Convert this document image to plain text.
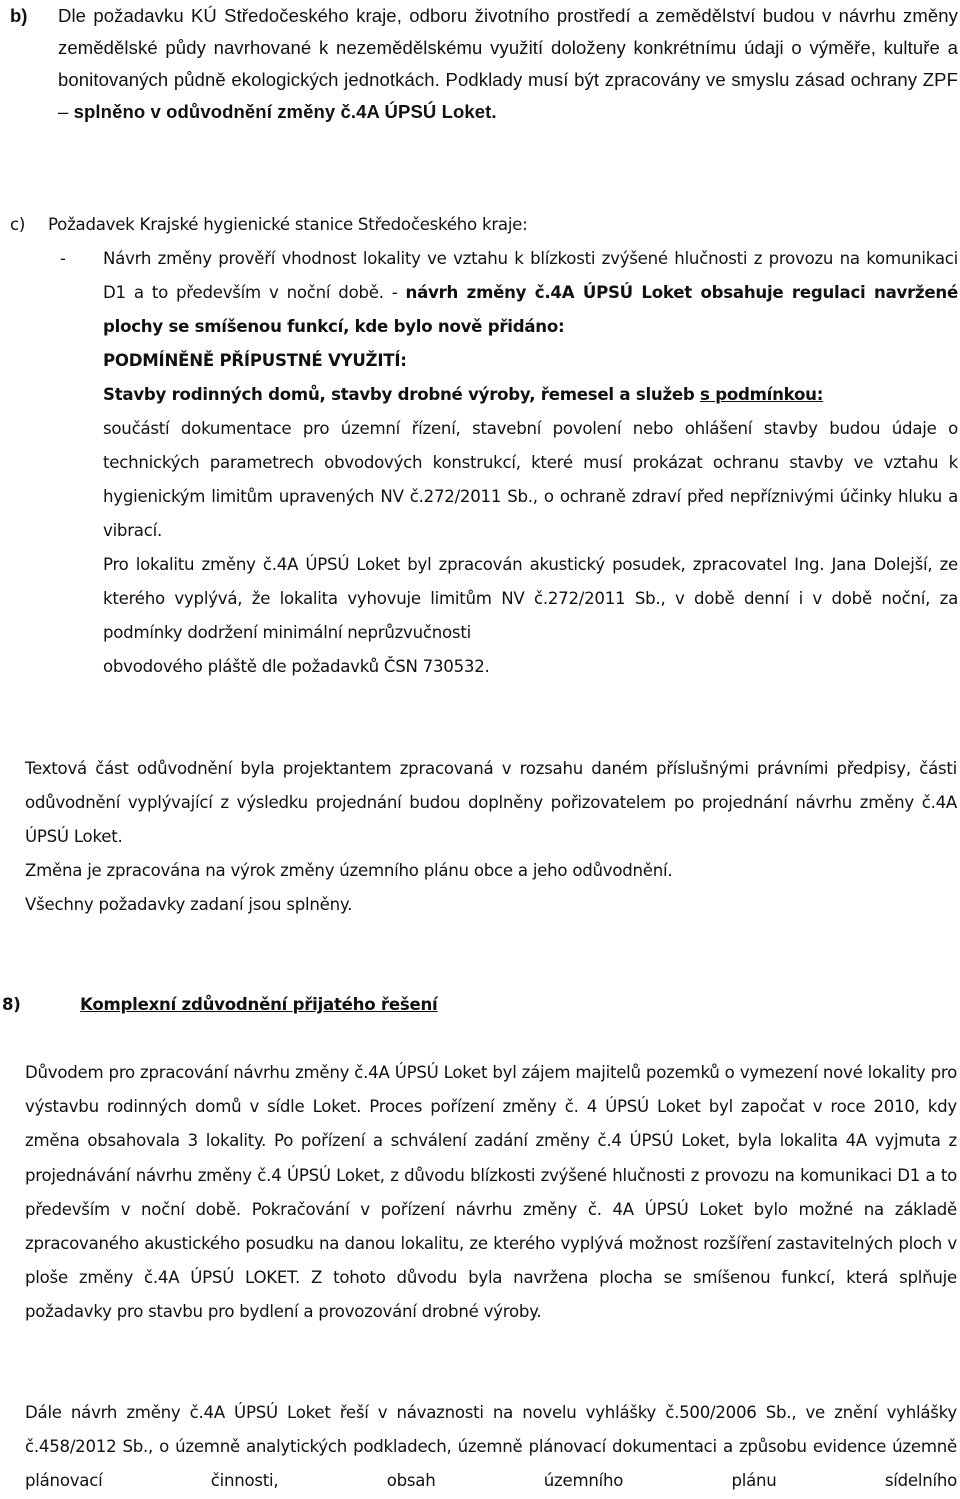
b) Dle požadavku KÚ Středočeského kraje, odboru životního prostředí a zemědělství budou v návrhu změny zemědělské půdy navrhované k nezemědělskému využití doloženy konkrétnímu údaji o výměře, kultuře a bonitovaných půdně ekologických jednotkách. Podklady musí být zpracovány ve smyslu zásad ochrany ZPF – splněno v odůvodnění změny č.4A ÚPSÚ Loket.
c) Požadavek Krajské hygienické stanice Středočeského kraje:
- Návrh změny prověří vhodnost lokality ve vztahu k blízkosti zvýšené hlučnosti z provozu na komunikaci D1 a to především v noční době. - návrh změny č.4A ÚPSÚ Loket obsahuje regulaci navržené plochy se smíšenou funkcí, kde bylo nově přidáno:

PODMÍNĚNĚ PŘÍPUSTNÉ VYUŽITÍ:

Stavby rodinných domů, stavby drobné výroby, řemesel a služeb s podmínkou:

součástí dokumentace pro územní řízení, stavební povolení nebo ohlášení stavby budou údaje o technických parametrech obvodových konstrukcí, které musí prokázat ochranu stavby ve vztahu k hygienickým limitům upravených NV č.272/2011 Sb., o ochraně zdraví před nepříznivými účinky hluku a vibrací.

Pro lokalitu změny č.4A ÚPSÚ Loket byl zpracován akustický posudek, zpracovatel Ing. Jana Dolejší, ze kterého vyplývá, že lokalita vyhovuje limitům NV č.272/2011 Sb., v době denní i v době noční, za podmínky dodržení minimální neprůzvučnosti

obvodového pláště dle požadavků ČSN 730532.

Textová část odůvodnění byla projektantem zpracovaná v rozsahu daném příslušnými právními předpisy, části odůvodnění vyplývající z výsledku projednání budou doplněny pořizovatelem po projednání návrhu změny č.4A ÚPSÚ Loket.

Změna je zpracována na výrok změny územního plánu obce a jeho odůvodnění.

Všechny požadavky zadaní jsou splněny.

8)	Komplexní zdůvodnění přijatého řešení

Důvodem pro zpracování návrhu změny č.4A ÚPSÚ Loket byl zájem majitelů pozemků o vymezení nové lokality pro výstavbu rodinných domů v sídle Loket. Proces pořízení změny č. 4 ÚPSÚ Loket byl započat v roce 2010, kdy změna obsahovala 3 lokality. Po pořízení a schválení zadání změny č.4 ÚPSÚ Loket, byla lokalita 4A vyjmuta z projednávání návrhu změny č.4 ÚPSÚ Loket, z důvodu blízkosti zvýšené hlučnosti z provozu na komunikaci D1 a to především v noční době. Pokračování v pořízení návrhu změny č. 4A ÚPSÚ Loket bylo možné na základě zpracovaného akustického posudku na danou lokalitu, ze kterého vyplývá možnost rozšíření zastavitelných ploch v ploše změny č.4A ÚPSÚ LOKET. Z tohoto důvodu byla navržena plocha se smíšenou funkcí, která splňuje požadavky pro stavbu pro bydlení a provozování drobné výroby.

Dále návrh změny č.4A ÚPSÚ Loket řeší v návaznosti na novelu vyhlášky č.500/2006 Sb., ve znění vyhlášky č.458/2012 Sb., o územně analytických podkladech, územně plánovací dokumentaci a způsobu evidence územně plánovací činnosti, obsah územního plánu sídelního
